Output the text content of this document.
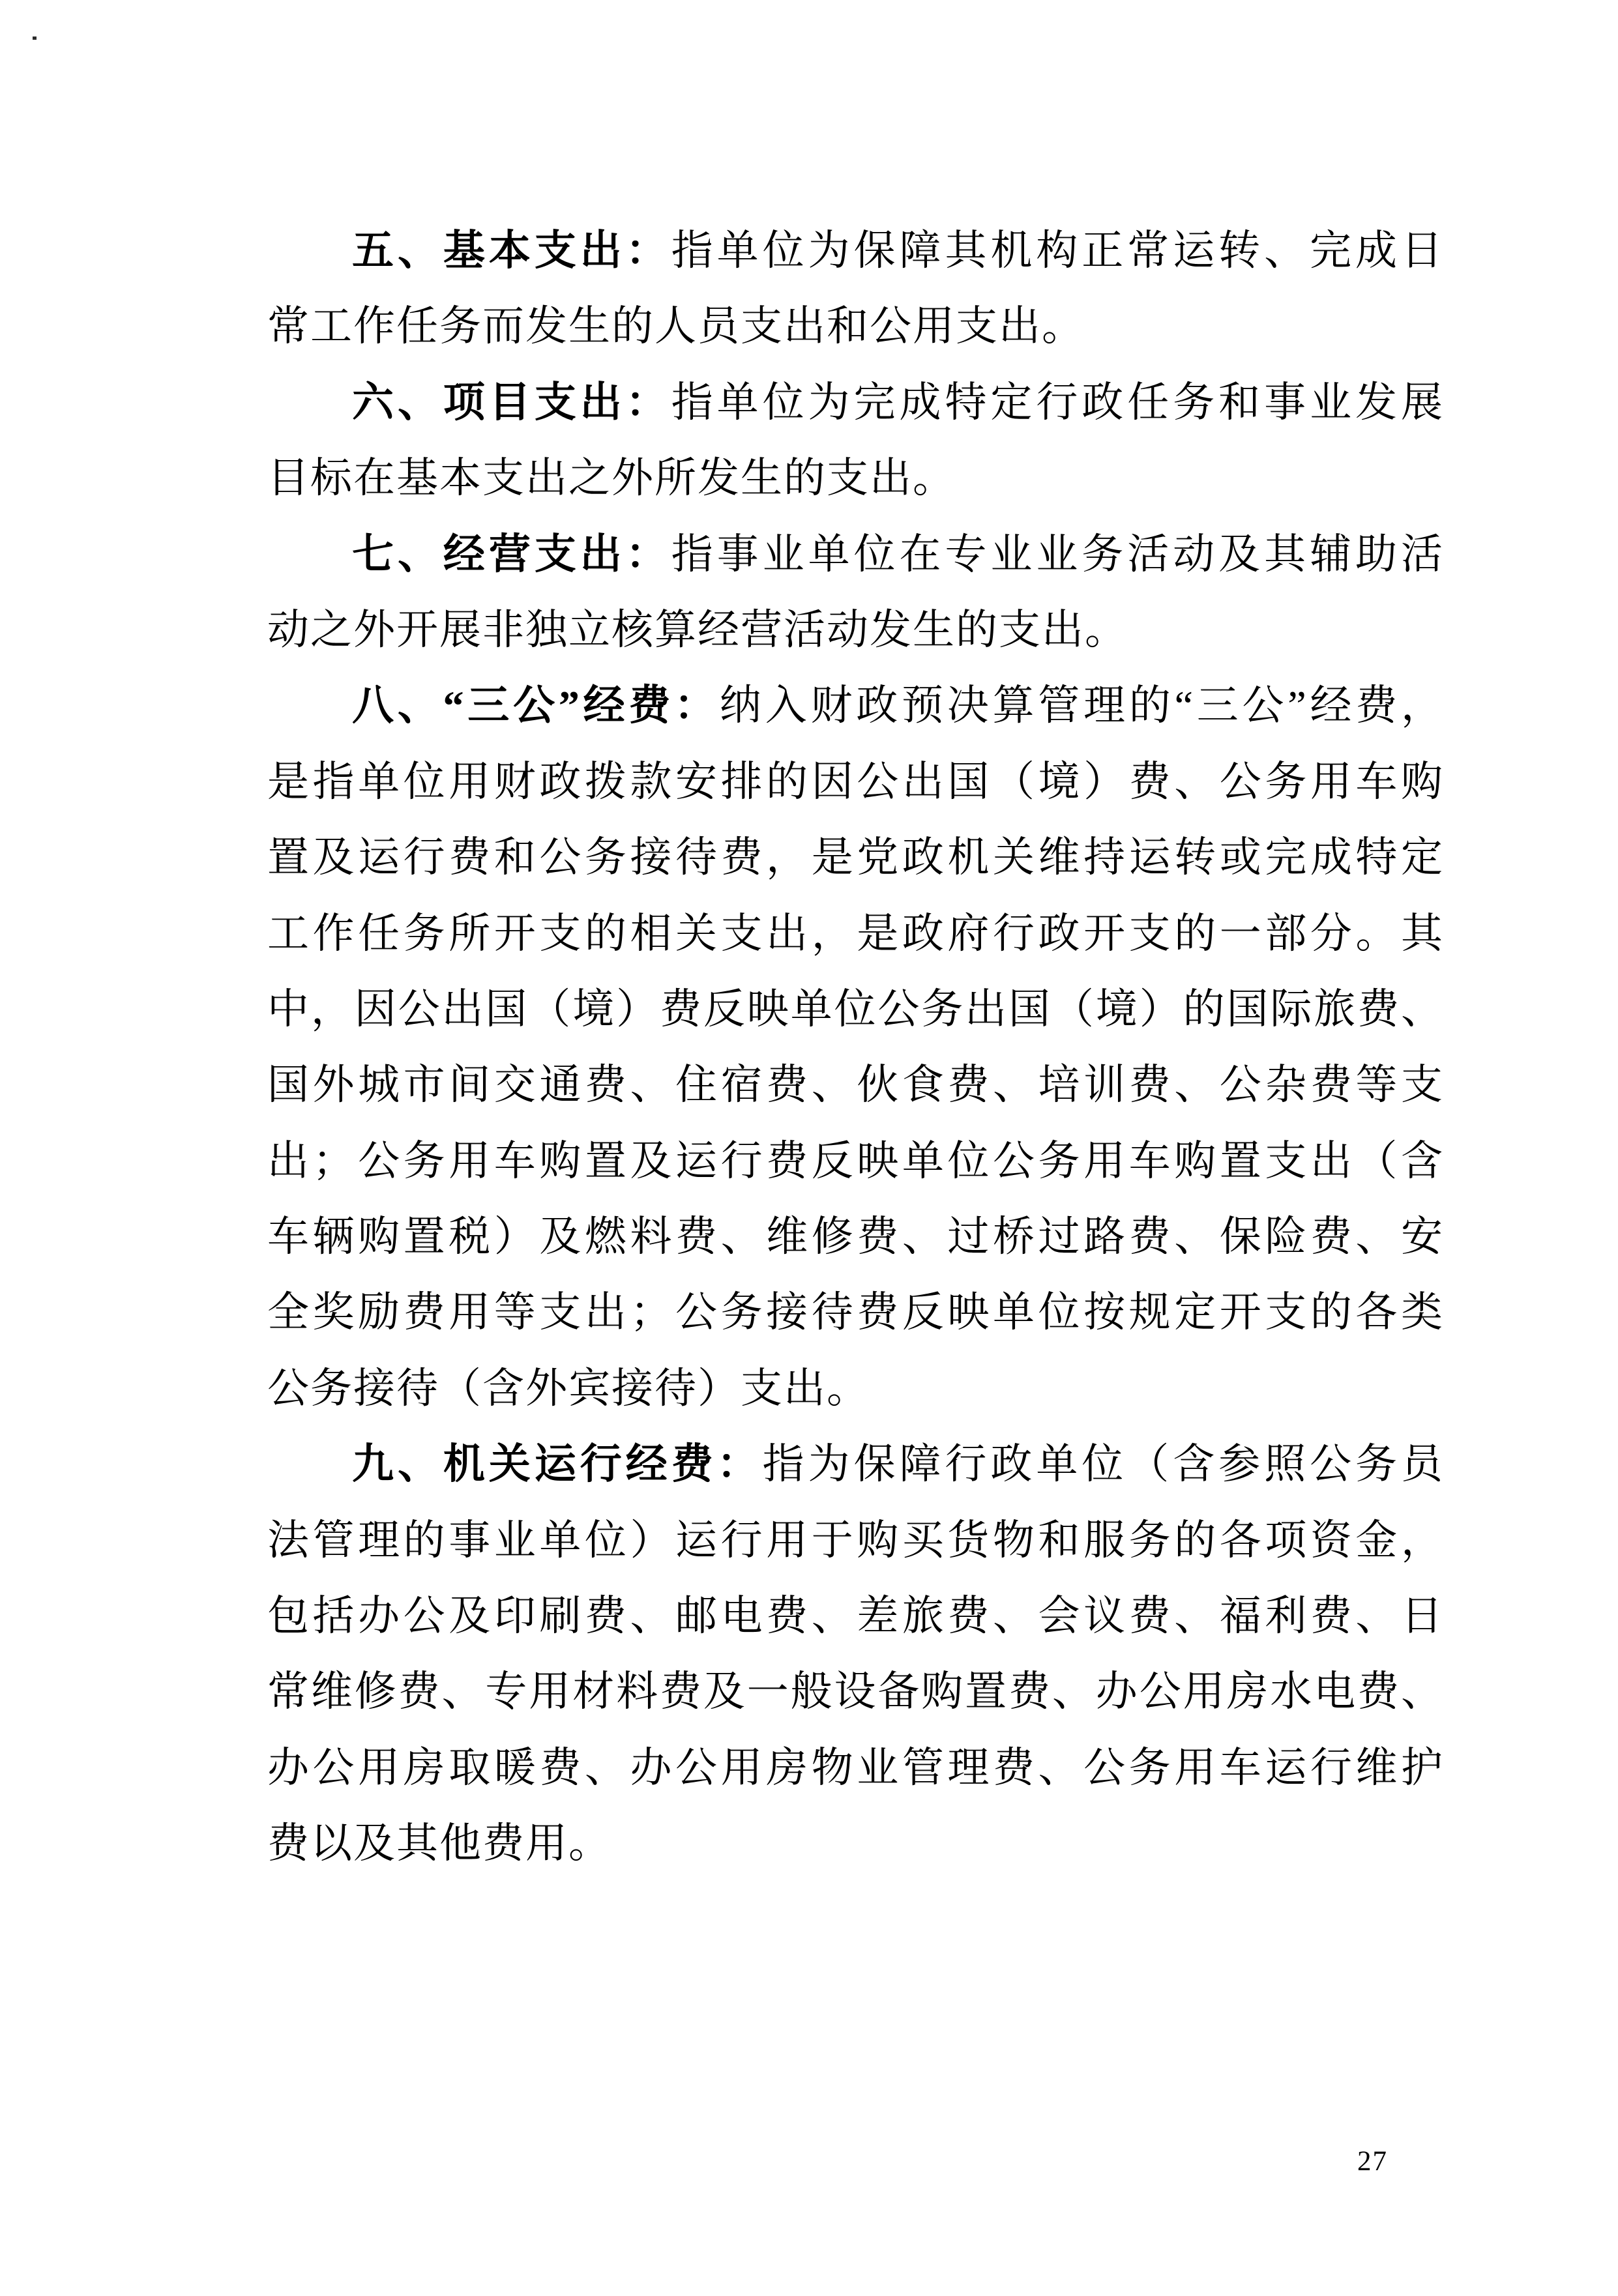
五、基本支出：指单位为保障其机构正常运转、完成日
常工作任务而发生的人员支出和公用支出。
六、项目支出：指单位为完成特定行政任务和事业发展
目标在基本支出之外所发生的支出。
七、经营支出：指事业单位在专业业务活动及其辅助活
动之外开展非独立核算经营活动发生的支出。
八、“三公”经费：纳入财政预决算管理的“三公”经费，
是指单位用财政拨款安排的因公出国（境）费、公务用车购
置及运行费和公务接待费，是党政机关维持运转或完成特定
工作任务所开支的相关支出，是政府行政开支的一部分。其
中，因公出国（境）费反映单位公务出国（境）的国际旅费、
国外城市间交通费、住宿费、伙食费、培训费、公杂费等支
出；公务用车购置及运行费反映单位公务用车购置支出（含
车辆购置税）及燃料费、维修费、过桥过路费、保险费、安
全奖励费用等支出；公务接待费反映单位按规定开支的各类
公务接待（含外宾接待）支出。
九、机关运行经费：指为保障行政单位（含参照公务员
法管理的事业单位）运行用于购买货物和服务的各项资金，
包括办公及印刷费、邮电费、差旅费、会议费、福利费、日
常维修费、专用材料费及一般设备购置费、办公用房水电费、
办公用房取暖费、办公用房物业管理费、公务用车运行维护
费以及其他费用。
27
